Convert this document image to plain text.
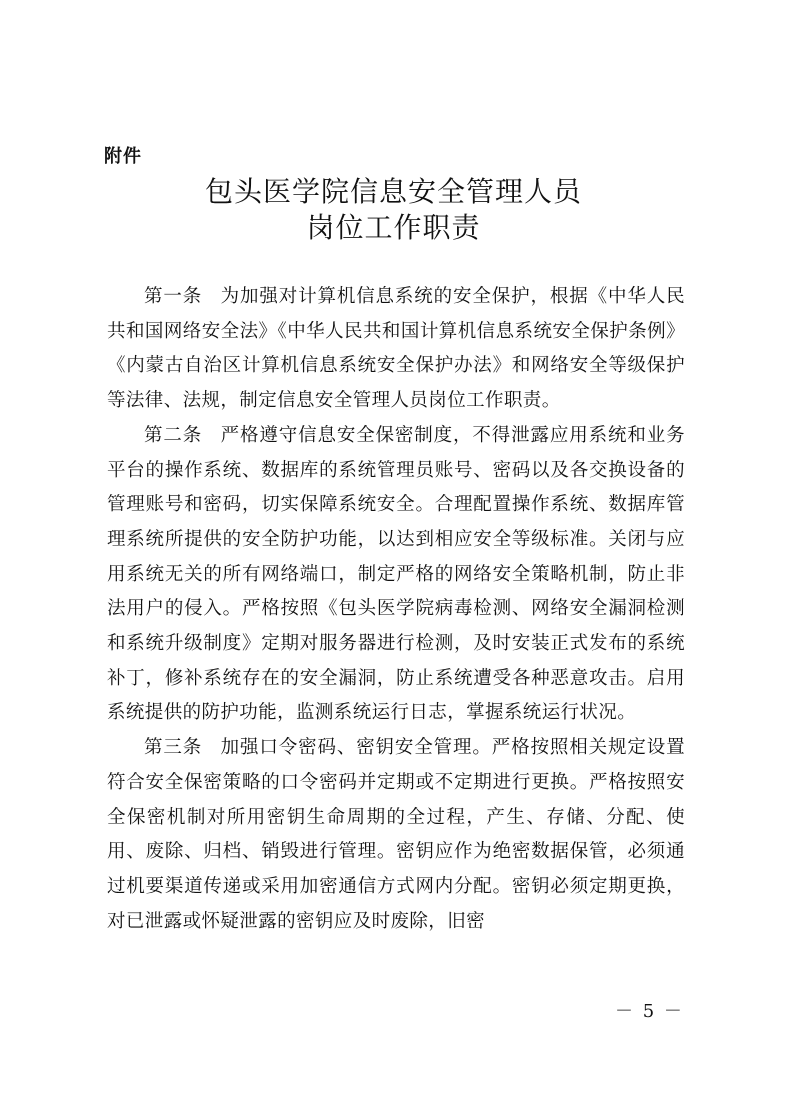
附件
包头医学院信息安全管理人员
岗位工作职责

第一条 为加强对计算机信息系统的安全保护，根据《中华人民共和国网络安全法》《中华人民共和国计算机信息系统安全保护条例》《内蒙古自治区计算机信息系统安全保护办法》和网络安全等级保护等法律、法规，制定信息安全管理人员岗位工作职责。

第二条 严格遵守信息安全保密制度，不得泄露应用系统和业务平台的操作系统、数据库的系统管理员账号、密码以及各交换设备的管理账号和密码，切实保障系统安全。合理配置操作系统、数据库管理系统所提供的安全防护功能，以达到相应安全等级标准。关闭与应用系统无关的所有网络端口，制定严格的网络安全策略机制，防止非法用户的侵入。严格按照《包头医学院病毒检测、网络安全漏洞检测和系统升级制度》定期对服务器进行检测，及时安装正式发布的系统补丁，修补系统存在的安全漏洞，防止系统遭受各种恶意攻击。启用系统提供的防护功能，监测系统运行日志，掌握系统运行状况。

第三条 加强口令密码、密钥安全管理。严格按照相关规定设置符合安全保密策略的口令密码并定期或不定期进行更换。严格按照安全保密机制对所用密钥生命周期的全过程，产生、存储、分配、使用、废除、归档、销毁进行管理。密钥应作为绝密数据保管，必须通过机要渠道传递或采用加密通信方式网内分配。密钥必须定期更换，对已泄露或怀疑泄露的密钥应及时废除，旧密

－ 5 －
